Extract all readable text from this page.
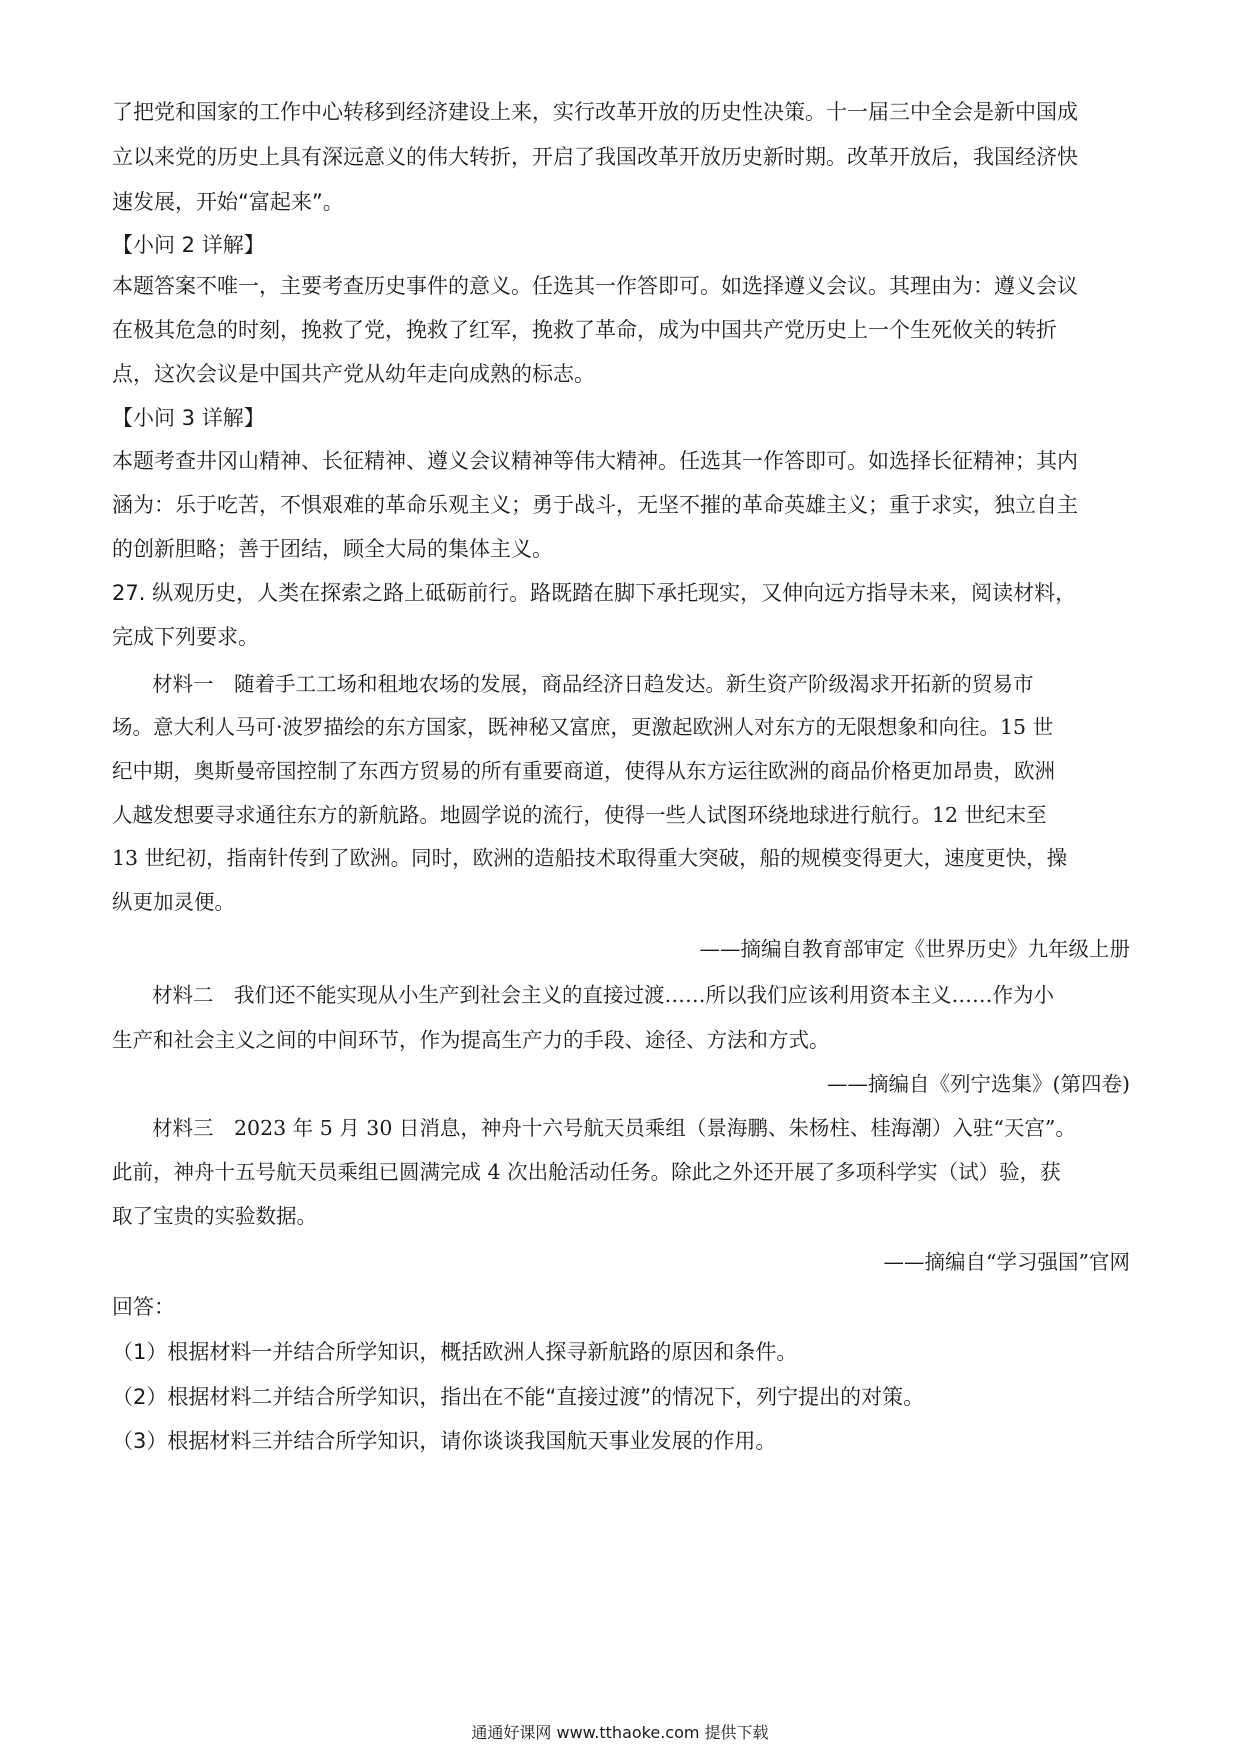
了把党和国家的工作中心转移到经济建设上来，实行改革开放的历史性决策。十一届三中全会是新中国成
立以来党的历史上具有深远意义的伟大转折，开启了我国改革开放历史新时期。改革开放后，我国经济快
速发展，开始“富起来”。
【小问 2 详解】
本题答案不唯一，主要考查历史事件的意义。任选其一作答即可。如选择遵义会议。其理由为：遵义会议
在极其危急的时刻，挽救了党，挽救了红军，挽救了革命，成为中国共产党历史上一个生死攸关的转折
点，这次会议是中国共产党从幼年走向成熟的标志。
【小问 3 详解】
本题考查井冈山精神、长征精神、遵义会议精神等伟大精神。任选其一作答即可。如选择长征精神；其内
涵为：乐于吃苦，不惧艰难的革命乐观主义；勇于战斗，无坚不摧的革命英雄主义；重于求实，独立自主
的创新胆略；善于团结，顾全大局的集体主义。
27. 纵观历史，人类在探索之路上砥砺前行。路既踏在脚下承托现实，又伸向远方指导未来，阅读材料，
完成下列要求。
材料一　随着手工工场和租地农场的发展，商品经济日趋发达。新生资产阶级渴求开拓新的贸易市
场。意大利人马可·波罗描绘的东方国家，既神秘又富庶，更激起欧洲人对东方的无限想象和向往。15 世
纪中期，奥斯曼帝国控制了东西方贸易的所有重要商道，使得从东方运往欧洲的商品价格更加昂贵，欧洲
人越发想要寻求通往东方的新航路。地圆学说的流行，使得一些人试图环绕地球进行航行。12 世纪末至
13 世纪初，指南针传到了欧洲。同时，欧洲的造船技术取得重大突破，船的规模变得更大，速度更快，操
纵更加灵便。
——摘编自教育部审定《世界历史》九年级上册
材料二　我们还不能实现从小生产到社会主义的直接过渡……所以我们应该利用资本主义……作为小
生产和社会主义之间的中间环节，作为提高生产力的手段、途径、方法和方式。
——摘编自《列宁选集》(第四卷)
材料三　2023 年 5 月 30 日消息，神舟十六号航天员乘组（景海鹏、朱杨柱、桂海潮）入驻“天宫”。
此前，神舟十五号航天员乘组已圆满完成 4 次出舱活动任务。除此之外还开展了多项科学实（试）验，获
取了宝贵的实验数据。
——摘编自“学习强国”官网
回答：
（1）根据材料一并结合所学知识，概括欧洲人探寻新航路的原因和条件。
（2）根据材料二并结合所学知识，指出在不能“直接过渡”的情况下，列宁提出的对策。
（3）根据材料三并结合所学知识，请你谈谈我国航天事业发展的作用。
通通好课网 www.tthaoke.com 提供下载
